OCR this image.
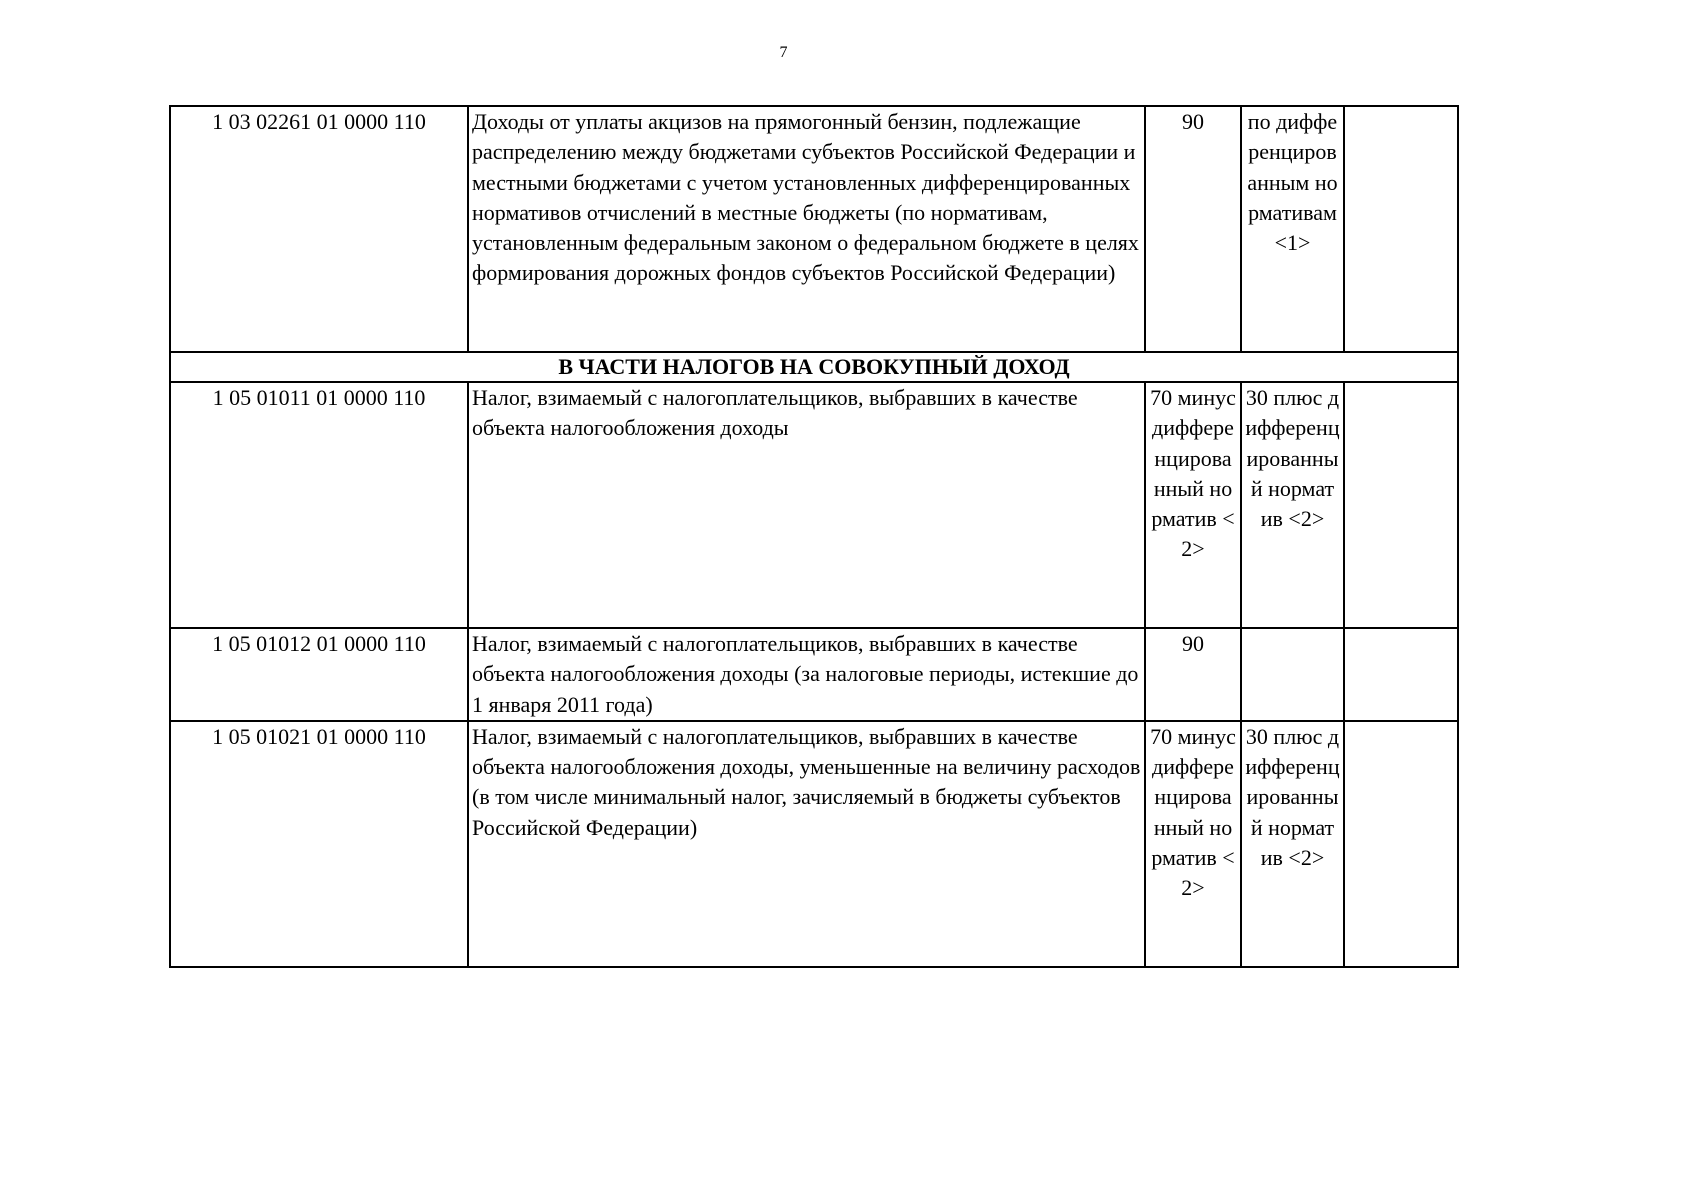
7
1 03 02261 01 0000 110	Доходы от уплаты акцизов на прямогонный бензин, подлежащие распределению между бюджетами субъектов Российской Федерации и местными бюджетами с учетом установленных дифференцированных нормативов отчислений в местные бюджеты (по нормативам, установленным федеральным законом о федеральном бюджете в целях формирования дорожных фондов субъектов Российской Федерации)	90	по дифференцированным нормативам <1>	
В ЧАСТИ НАЛОГОВ НА СОВОКУПНЫЙ ДОХОД				
1 05 01011 01 0000 110	Налог, взимаемый с налогоплательщиков, выбравших в качестве объекта налогообложения доходы	70 минус дифференцированный норматив <2>	30 плюс дифференцированный норматив <2>	
1 05 01012 01 0000 110	Налог, взимаемый с налогоплательщиков, выбравших в качестве объекта налогообложения доходы (за налоговые периоды, истекшие до 1 января 2011 года)	90		
1 05 01021 01 0000 110	Налог, взимаемый с налогоплательщиков, выбравших в качестве объекта налогообложения доходы, уменьшенные на величину расходов (в том числе минимальный налог, зачисляемый в бюджеты субъектов Российской Федерации)	70 минус дифференцированный норматив <2>	30 плюс дифференцированный норматив <2>	
